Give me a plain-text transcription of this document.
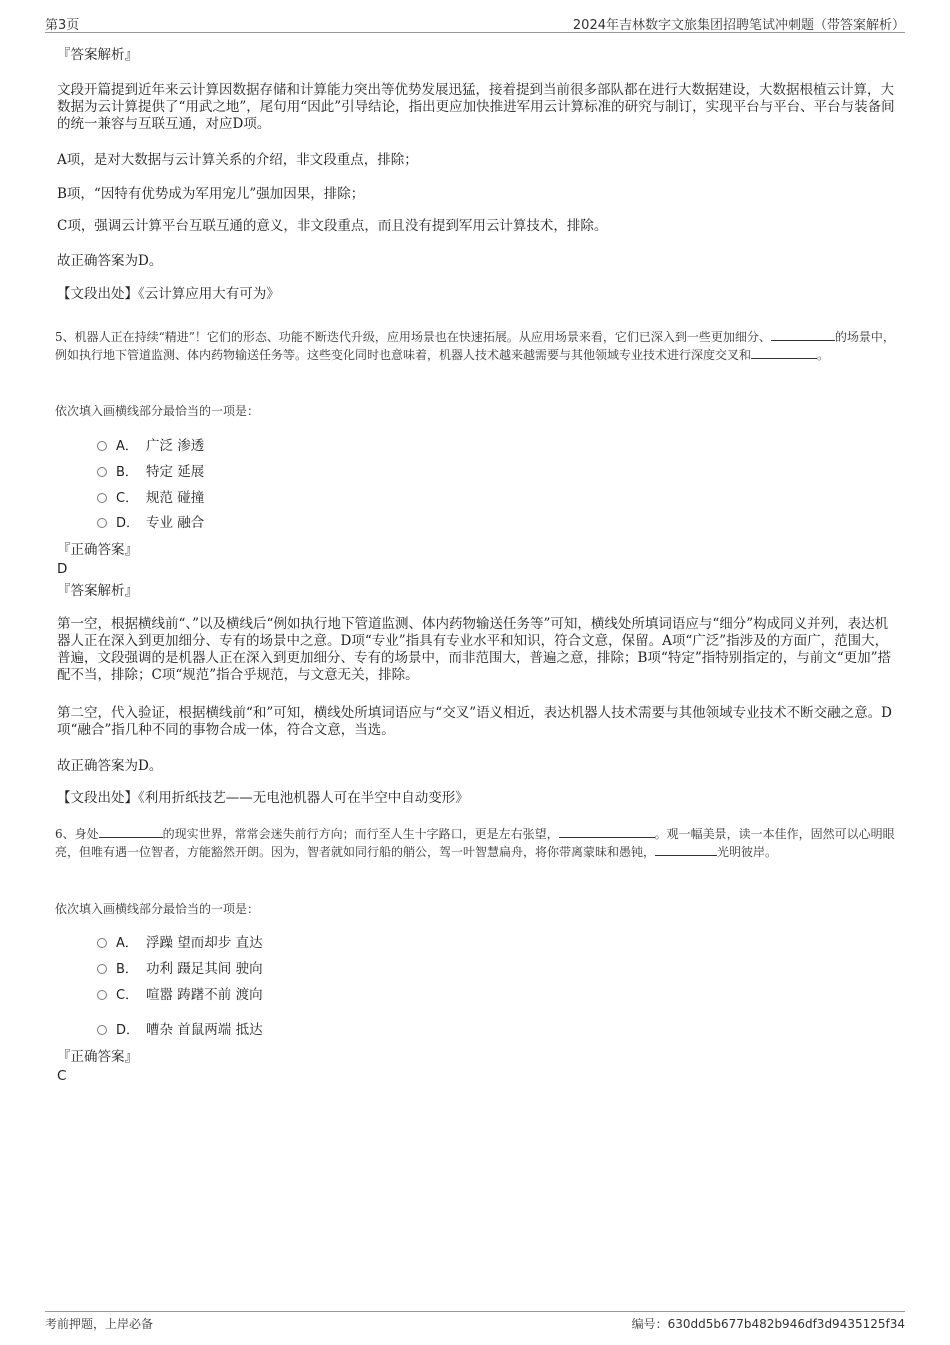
第3页	2024年吉林数字文旅集团招聘笔试冲刺题（带答案解析）
『答案解析』
文段开篇提到近年来云计算因数据存储和计算能力突出等优势发展迅猛，接着提到当前很多部队都在进行大数据建设，大数据根植云计算，大数据为云计算提供了“用武之地”，尾句用“因此”引导结论，指出更应加快推进军用云计算标准的研究与制订，实现平台与平台、平台与装备间的统一兼容与互联互通，对应D项。
A项，是对大数据与云计算关系的介绍，非文段重点，排除；
B项，“因特有优势成为军用宠儿”强加因果，排除；
C项，强调云计算平台互联互通的意义，非文段重点，而且没有提到军用云计算技术，排除。
故正确答案为D。
【文段出处】《云计算应用大有可为》
5、机器人正在持续“精进”！它们的形态、功能不断迭代升级，应用场景也在快速拓展。从应用场景来看，它们已深入到一些更加细分、	的场景中，例如执行地下管道监测、体内药物输送任务等。这些变化同时也意味着，机器人技术越来越需要与其他领域专业技术进行深度交叉和	。
依次填入画横线部分最恰当的一项是：
A． 广泛 渗透
B． 特定 延展
C． 规范 碰撞
D． 专业 融合
『正确答案』
D
『答案解析』
第一空，根据横线前“、”以及横线后“例如执行地下管道监测、体内药物输送任务等”可知，横线处所填词语应与“细分”构成同义并列，表达机器人正在深入到更加细分、专有的场景中之意。D项“专业”指具有专业水平和知识，符合文意，保留。A项“广泛”指涉及的方面广，范围大，普遍，文段强调的是机器人正在深入到更加细分、专有的场景中，而非范围大，普遍之意，排除；B项“特定”指特别指定的，与前文“更加”搭配不当，排除；C项“规范”指合乎规范，与文意无关，排除。
第二空，代入验证，根据横线前“和”可知，横线处所填词语应与“交叉”语义相近，表达机器人技术需要与其他领域专业技术不断交融之意。D项“融合”指几种不同的事物合成一体，符合文意，当选。
故正确答案为D。
【文段出处】《利用折纸技艺——无电池机器人可在半空中自动变形》
6、身处	的现实世界，常常会迷失前行方向；而行至人生十字路口，更是左右张望，	。观一幅美景，读一本佳作，固然可以心明眼亮，但唯有遇一位智者，方能豁然开朗。因为，智者就如同行船的艄公，驾一叶智慧扁舟，将你带离蒙昧和愚钝，	光明彼岸。
依次填入画横线部分最恰当的一项是：
A． 浮躁 望而却步 直达
B． 功利 蹑足其间 驶向
C． 喧嚣 踌躇不前 渡向
D． 嘈杂 首鼠两端 抵达
『正确答案』
C
考前押题，上岸必备	编号：630dd5b677b482b946df3d9435125f34
